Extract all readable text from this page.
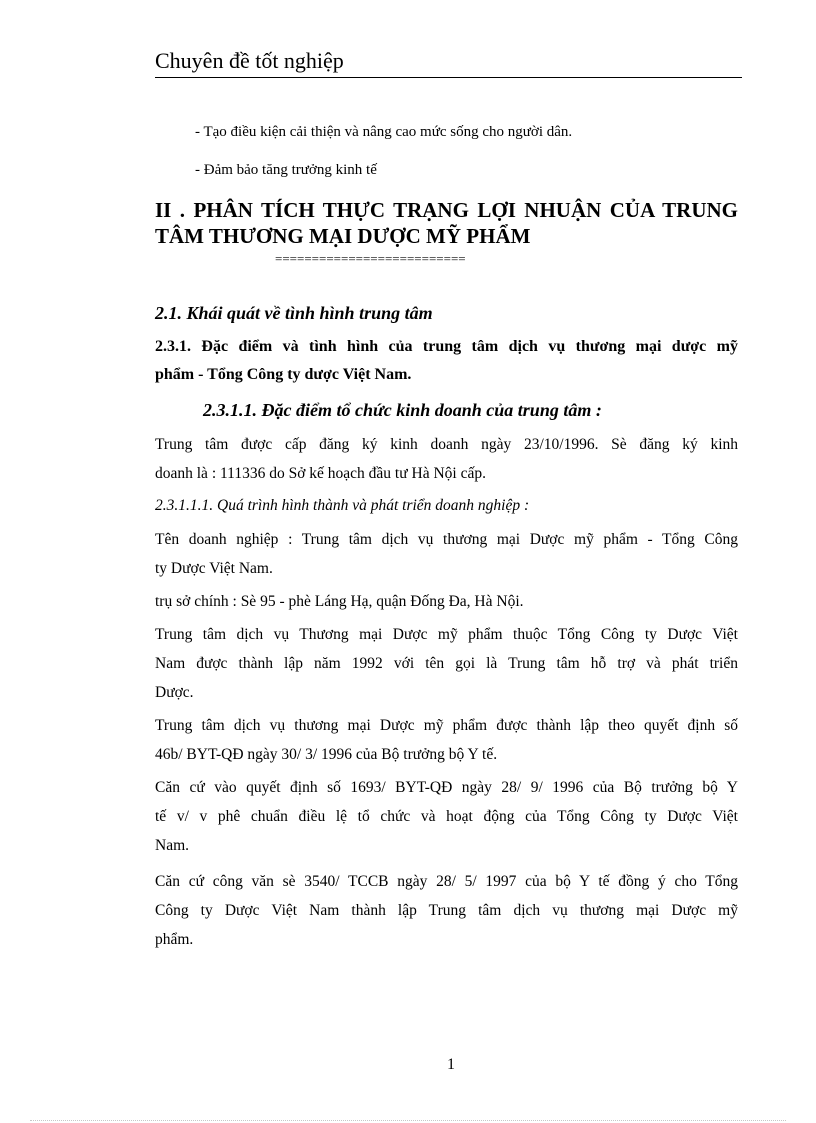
Chuyên đề tốt nghiệp
- Tạo điều kiện cải thiện và nâng cao mức sống cho người dân.
- Đảm bảo tăng trưởng kinh tế
II . PHÂN TÍCH THỰC TRẠNG LỢI NHUẬN CỦA TRUNG
TÂM THƯƠNG MẠI DƯỢC MỸ PHẨM
==========================
2.1. Khái quát về tình hình trung tâm
2.3.1. Đặc điểm và tình hình của trung tâm dịch vụ thương mại dược mỹ
phẩm - Tổng Công ty dược Việt Nam.
2.3.1.1. Đặc điểm tổ chức kinh doanh của trung tâm :
Trung tâm được cấp đăng ký kinh doanh ngày 23/10/1996. Sè đăng ký kinh
doanh là : 111336 do Sở kế hoạch đầu tư Hà Nội cấp.
2.3.1.1.1. Quá trình hình thành và phát triển doanh nghiệp :
Tên doanh nghiệp : Trung tâm dịch vụ thương mại Dược mỹ phẩm - Tổng Công
ty Dược Việt Nam.
trụ sở chính : Sè 95 - phè Láng Hạ, quận Đống Đa, Hà Nội.
Trung tâm dịch vụ Thương mại Dược mỹ phẩm thuộc Tổng Công ty Dược Việt
Nam được thành lập năm 1992 với tên gọi là Trung tâm hỗ trợ và phát triển
Dược.
Trung tâm dịch vụ thương mại Dược mỹ phẩm được thành lập theo quyết định số
46b/ BYT-QĐ ngày 30/ 3/ 1996 của Bộ trưởng bộ Y tế.
Căn cứ vào quyết định số 1693/ BYT-QĐ ngày 28/ 9/ 1996 của Bộ trưởng bộ Y
tế v/ v phê chuẩn điều lệ tổ chức và hoạt động của Tổng Công ty Dược Việt
Nam.
Căn cứ công văn sè 3540/ TCCB ngày 28/ 5/ 1997 của bộ Y tế đồng ý cho Tổng
Công ty Dược Việt Nam thành lập Trung tâm dịch vụ thương mại Dược mỹ
phẩm.
1
